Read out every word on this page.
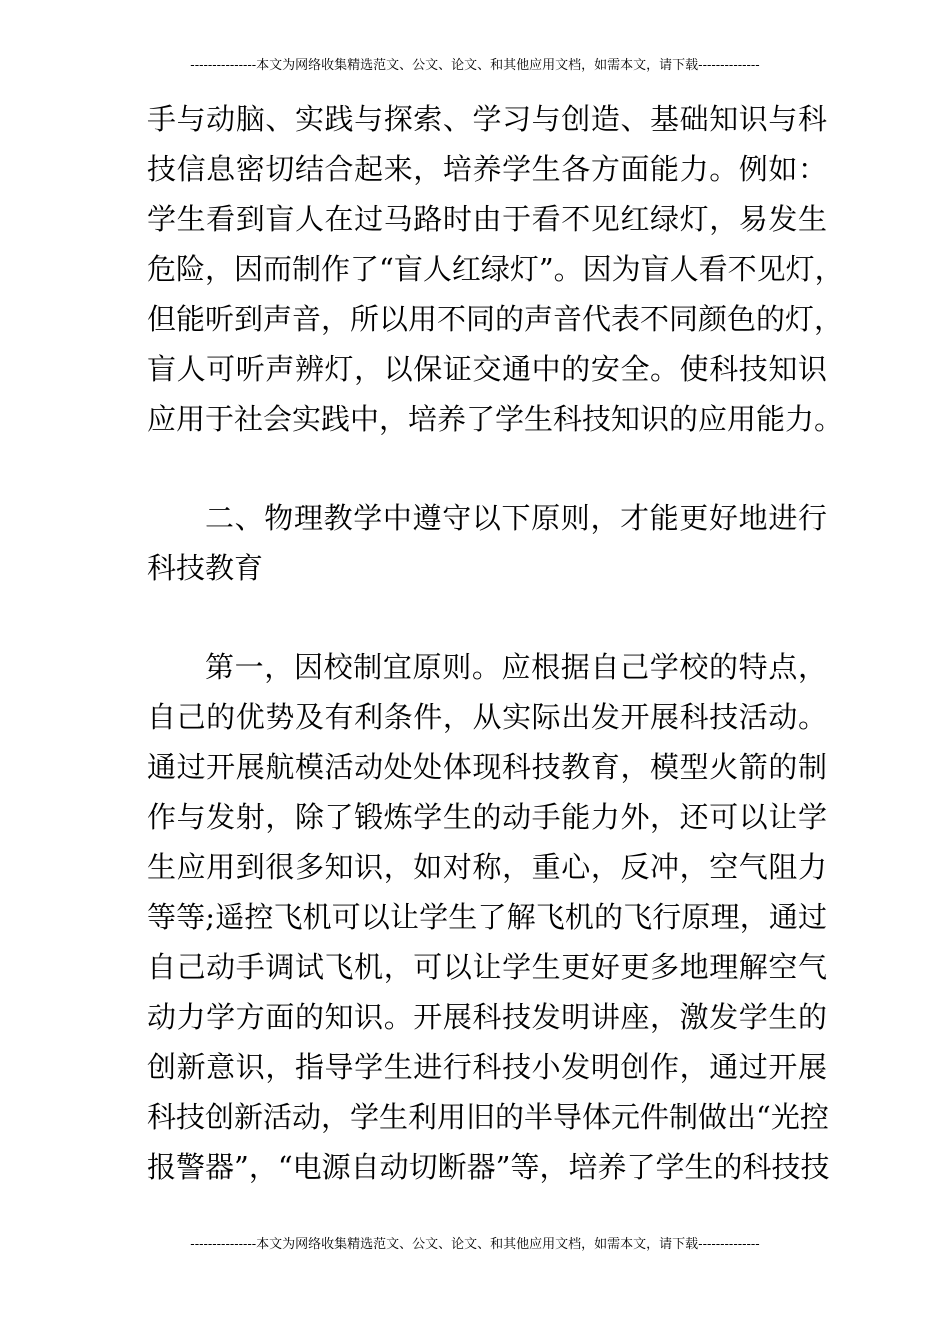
---------------本文为网络收集精选范文、公文、论文、和其他应用文档，如需本文，请下载--------------
手与动脑、实践与探索、学习与创造、基础知识与科
技信息密切结合起来，培养学生各方面能力。例如：
学生看到盲人在过马路时由于看不见红绿灯，易发生
危险，因而制作了“盲人红绿灯”。因为盲人看不见灯，
但能听到声音，所以用不同的声音代表不同颜色的灯，
盲人可听声辨灯，以保证交通中的安全。使科技知识
应用于社会实践中，培养了学生科技知识的应用能力。
二、物理教学中遵守以下原则，才能更好地进行
科技教育
第一，因校制宜原则。应根据自己学校的特点，
自己的优势及有利条件，从实际出发开展科技活动。
通过开展航模活动处处体现科技教育，模型火箭的制
作与发射，除了锻炼学生的动手能力外，还可以让学
生应用到很多知识，如对称，重心，反冲，空气阻力
等等;遥控飞机可以让学生了解飞机的飞行原理，通过
自己动手调试飞机，可以让学生更好更多地理解空气
动力学方面的知识。开展科技发明讲座，激发学生的
创新意识，指导学生进行科技小发明创作，通过开展
科技创新活动，学生利用旧的半导体元件制做出“光控
报警器”，“电源自动切断器”等，培养了学生的科技技
---------------本文为网络收集精选范文、公文、论文、和其他应用文档，如需本文，请下载--------------
